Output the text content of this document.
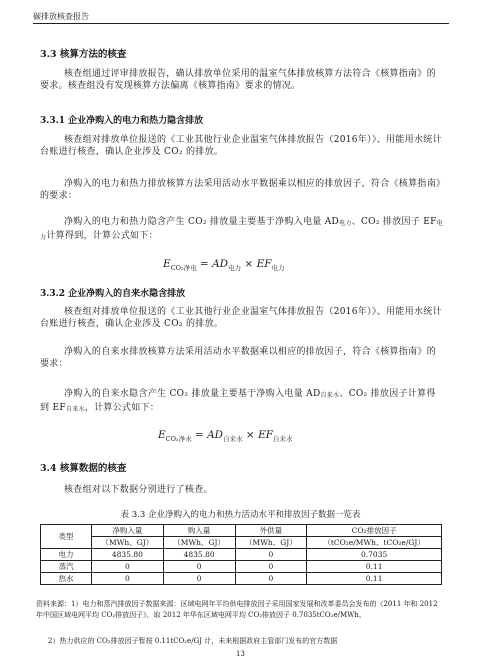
碳排放核查报告
3.3 核算方法的核查
核查组通过评审排放报告，确认排放单位采用的温室气体排放核算方法符合《核算指南》的要求。核查组没有发现核算方法偏离《核算指南》要求的情况。
3.3.1 企业净购入的电力和热力隐含排放
核查组对排放单位报送的《工业其他行业企业温室气体排放报告（2016年）》、用能用水统计台账进行核查，确认企业涉及 CO₂ 的排放。
净购入的电力和热力排放核算方法采用活动水平数据乘以相应的排放因子，符合《核算指南》的要求：
净购入的电力和热力隐含产生 CO₂ 排放量主要基于净购入电量 AD电力、CO₂ 排放因子 EF电力计算得到，计算公式如下：
$E_{CO_2净电} = AD_{电力} \times EF_{电力}$
3.3.2 企业净购入的自来水隐含排放
核查组对排放单位报送的《工业其他行业企业温室气体排放报告（2016年）》、用能用水统计台账进行核查，确认企业涉及 CO₂ 的排放。
净购入的自来水排放核算方法采用活动水平数据乘以相应的排放因子，符合《核算指南》的要求：
净购入的自来水隐含产生 CO₂ 排放量主要基于净购入电量 AD自来水、CO₂ 排放因子计算得到 EF自来水，计算公式如下：
$E_{CO_2净水} = AD_{自来水} \times EF_{自来水}$
3.4 核算数据的核查
核查组对以下数据分别进行了核查。
表 3.3 企业净购入的电力和热力活动水平和排放因子数据一览表
类型	净购入量	购入量	外供量	CO₂排放因子
	（MWh、GJ）	（MWh、GJ）	（MWh、GJ）	（tCO₂e/MWh、tCO₂e/GJ）
电力	4835.80	4835.80	0	0.7035
蒸汽	0	0	0	0.11
热水	0	0	0	0.11
资料来源：1）电力和蒸汽排放因子数据来源：区域电网年平均供电排放因子采用国家发展和改革委员会发布的《2011 年和 2012 年中国区域电网平均 CO₂排放因子》，取 2012 年华东区域电网平均 CO₂排放因子 0.7035tCO₂e/MWh。
2）热力供应的 CO₂排放因子暂按 0.11tCO₂e/GJ 计，未来根据政府主管部门发布的官方数据
13
